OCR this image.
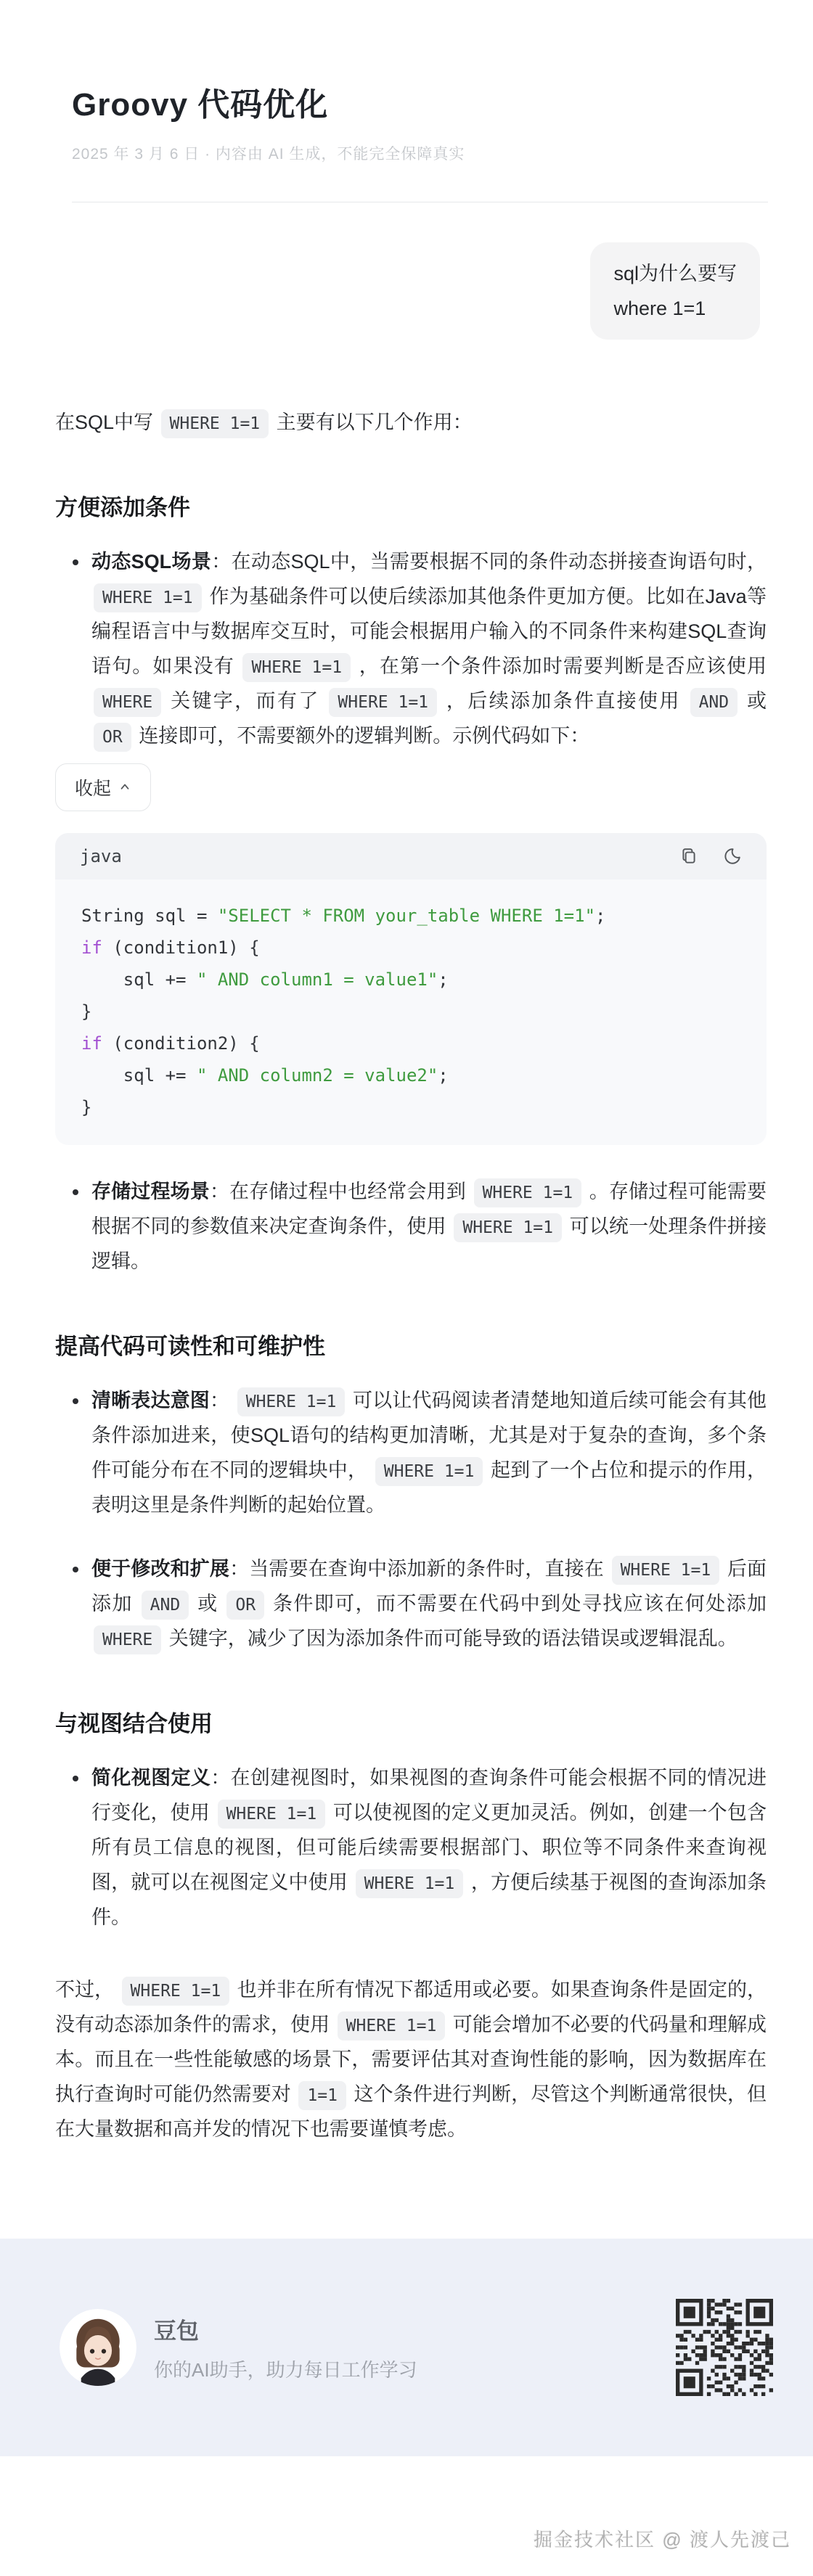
Groovy 代码优化
2025 年 3 月 6 日 · 内容由 AI 生成，不能完全保障真实
sql为什么要写
where 1=1
在SQL中写 WHERE 1=1 主要有以下几个作用：
方便添加条件
动态SQL场景：在动态SQL中，当需要根据不同的条件动态拼接查询语句时， WHERE 1=1 作为基础条件可以使后续添加其他条件更加方便。比如在Java等编程语言中与数据库交互时，可能会根据用户输入的不同条件来构建SQL查询语句。如果没有 WHERE 1=1 ，在第一个条件添加时需要判断是否应该使用 WHERE 关键字，而有了 WHERE 1=1 ，后续添加条件直接使用 AND 或 OR 连接即可，不需要额外的逻辑判断。示例代码如下：
收起
java
String sql = "SELECT * FROM your_table WHERE 1=1";
if (condition1) {
sql += " AND column1 = value1";
}
if (condition2) {
sql += " AND column2 = value2";
}
存储过程场景：在存储过程中也经常会用到 WHERE 1=1 。存储过程可能需要根据不同的参数值来决定查询条件，使用 WHERE 1=1 可以统一处理条件拼接逻辑。
提高代码可读性和可维护性
清晰表达意图： WHERE 1=1 可以让代码阅读者清楚地知道后续可能会有其他条件添加进来，使SQL语句的结构更加清晰，尤其是对于复杂的查询，多个条件可能分布在不同的逻辑块中， WHERE 1=1 起到了一个占位和提示的作用，表明这里是条件判断的起始位置。
便于修改和扩展：当需要在查询中添加新的条件时，直接在 WHERE 1=1 后面添加 AND 或 OR 条件即可，而不需要在代码中到处寻找应该在何处添加 WHERE 关键字，减少了因为添加条件而可能导致的语法错误或逻辑混乱。
与视图结合使用
简化视图定义：在创建视图时，如果视图的查询条件可能会根据不同的情况进行变化，使用 WHERE 1=1 可以使视图的定义更加灵活。例如，创建一个包含所有员工信息的视图，但可能后续需要根据部门、职位等不同条件来查询视图，就可以在视图定义中使用 WHERE 1=1 ，方便后续基于视图的查询添加条件。
不过， WHERE 1=1 也并非在所有情况下都适用或必要。如果查询条件是固定的，没有动态添加条件的需求，使用 WHERE 1=1 可能会增加不必要的代码量和理解成本。而且在一些性能敏感的场景下，需要评估其对查询性能的影响，因为数据库在执行查询时可能仍然需要对 1=1 这个条件进行判断，尽管这个判断通常很快，但在大量数据和高并发的情况下也需要谨慎考虑。
豆包
你的AI助手，助力每日工作学习
掘金技术社区 @ 渡人先渡己
